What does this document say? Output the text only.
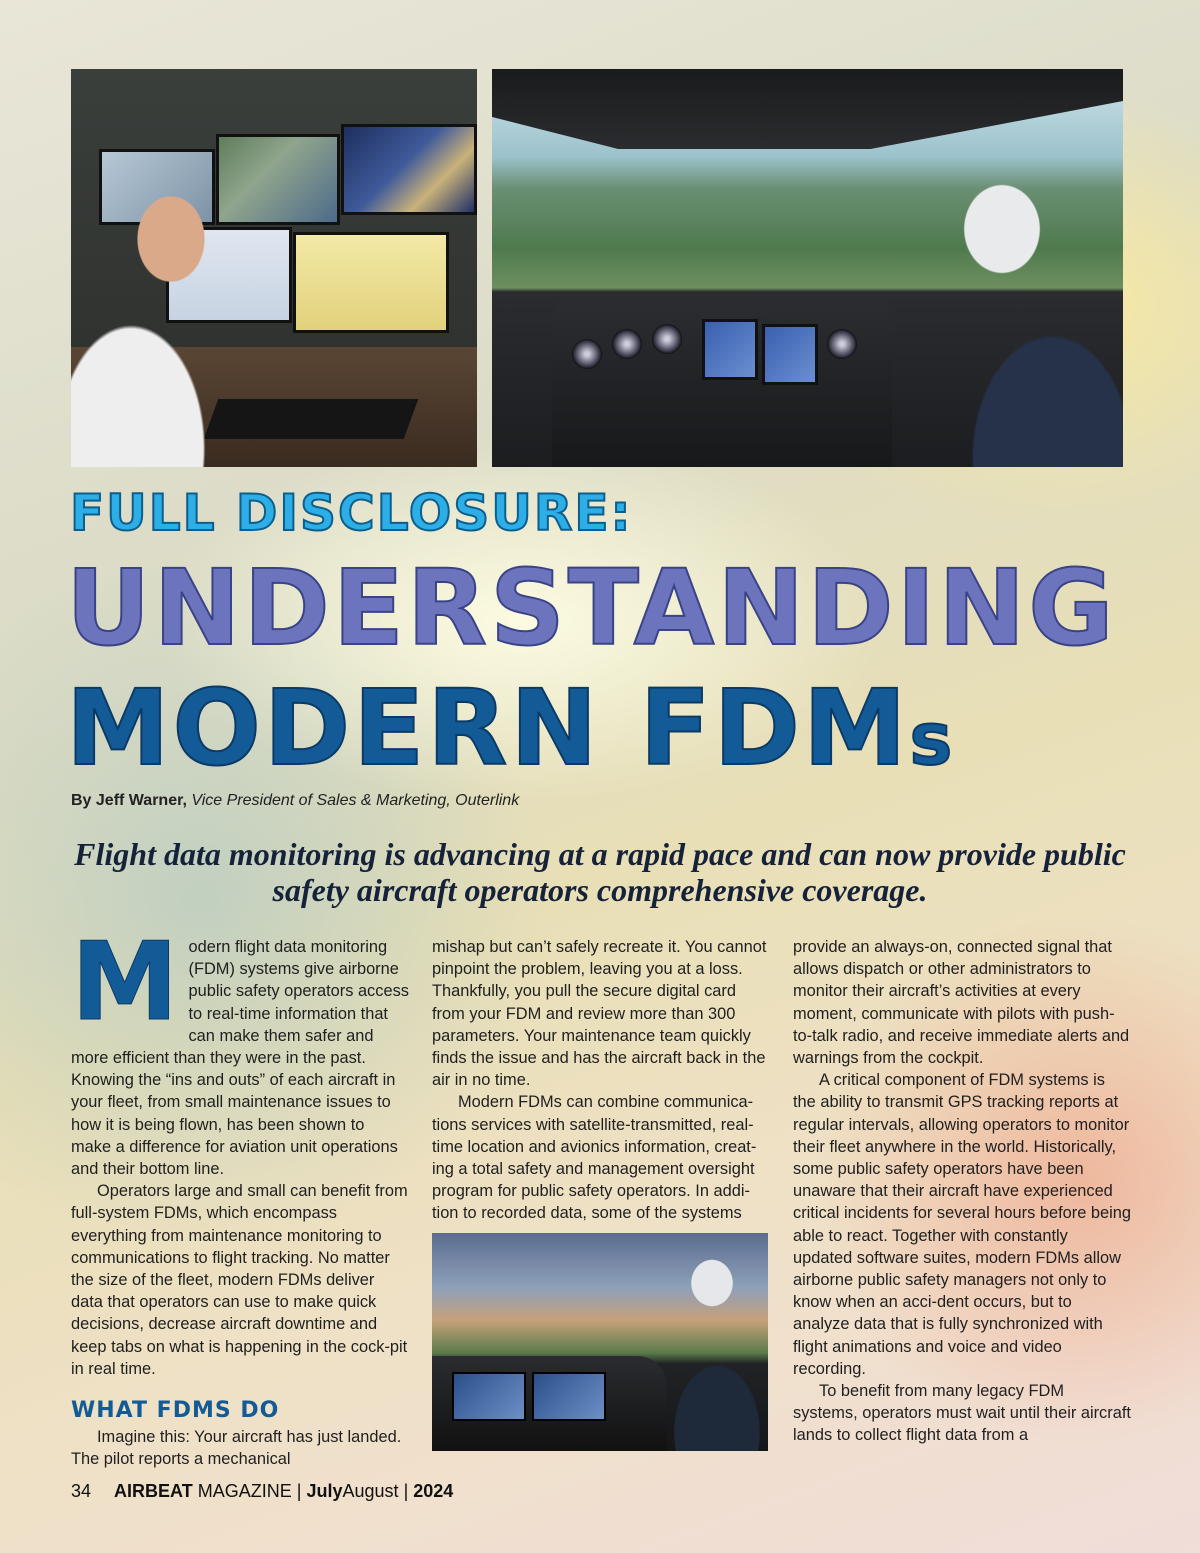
FULL DISCLOSURE:
UNDERSTANDING
MODERN FDMs
By Jeff Warner, Vice President of Sales & Marketing, Outerlink
Flight data monitoring is advancing at a rapid pace and can now provide public safety aircraft operators comprehensive coverage.
M odern flight data monitoring (FDM) systems give airborne public safety operators access to real-time information that can make them safer and more efficient than they were in the past. Knowing the “ins and outs” of each aircraft in your fleet, from small maintenance issues to how it is being flown, has been shown to make a difference for aviation unit operations and their bottom line.

Operators large and small can benefit from full-system FDMs, which encompass everything from maintenance monitoring to communications to flight tracking. No matter the size of the fleet, modern FDMs deliver data that operators can use to make quick decisions, decrease aircraft downtime and keep tabs on what is happening in the cock-pit in real time.

WHAT FDMS DO

Imagine this: Your aircraft has just landed. The pilot reports a mechanical

mishap but can’t safely recreate it. You cannot pinpoint the problem, leaving you at a loss. Thankfully, you pull the secure digital card from your FDM and review more than 300 parameters. Your maintenance team quickly finds the issue and has the aircraft back in the air in no time.

Modern FDMs can combine communica-tions services with satellite-transmitted, real-time location and avionics information, creat-ing a total safety and management oversight program for public safety operators. In addi-tion to recorded data, some of the systems

provide an always-on, connected signal that allows dispatch or other administrators to monitor their aircraft’s activities at every moment, communicate with pilots with push-to-talk radio, and receive immediate alerts and warnings from the cockpit.

A critical component of FDM systems is the ability to transmit GPS tracking reports at regular intervals, allowing operators to monitor their fleet anywhere in the world. Historically, some public safety operators have been unaware that their aircraft have experienced critical incidents for several hours before being able to react. Together with constantly updated software suites, modern FDMs allow airborne public safety managers not only to know when an acci-dent occurs, but to analyze data that is fully synchronized with flight animations and voice and video recording.

To benefit from many legacy FDM systems, operators must wait until their aircraft lands to collect flight data from a

34 AIRBEAT MAGAZINE | JulyAugust | 2024
